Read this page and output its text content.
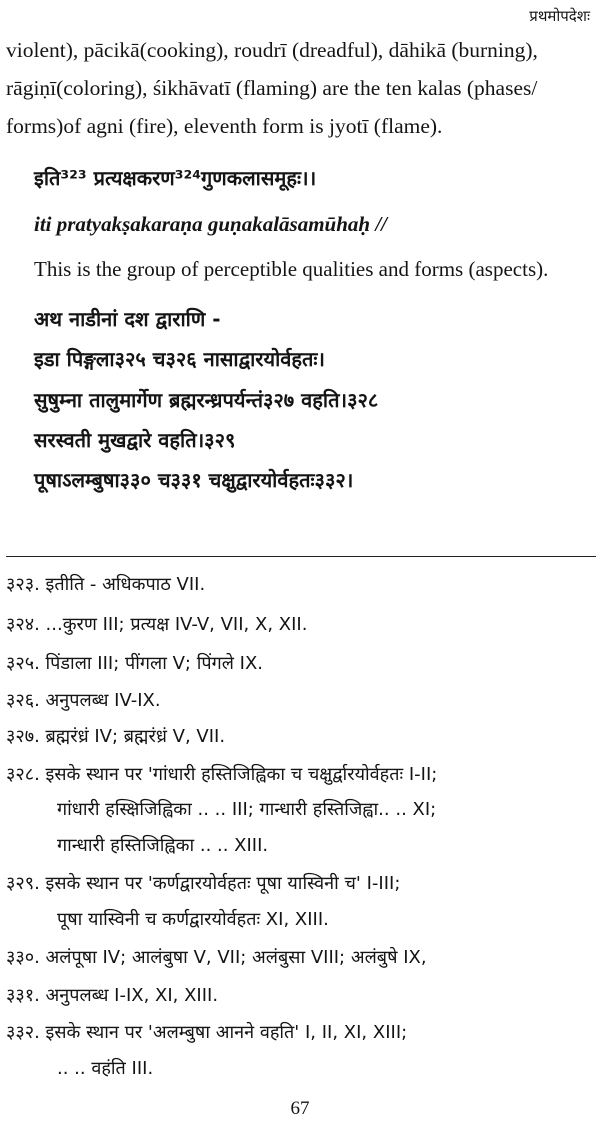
प्रथमोपदेशः
violent), pācikā(cooking), roudrī (dreadful), dāhikā (burning),
rāgiṇī(coloring), śikhāvatī (flaming) are the ten kalas (phases/
forms)of agni (fire), eleventh form is jyotī (flame).
इति³²³ प्रत्यक्षकरण³²⁴गुणकलासमूहः।।
iti pratyakṣakaraṇa guṇakalāsamūhaḥ //
This is the group of perceptible qualities and forms (aspects).
अथ नाडीनां दश द्वाराणि -
इडा पिङ्गला३२५ च३२६ नासाद्वारयोर्वहतः।
सुषुम्ना तालुमार्गेण ब्रह्मरन्ध्रपर्यन्तं३२७ वहति।३२८
सरस्वती मुखद्वारे वहति।३२९
पूषाऽलम्बुषा३३० च३३१ चक्षुद्वारयोर्वहतः३३२।
३२३. इतीति - अधिकपाठ VII.
३२४. ...कुरण III; प्रत्यक्ष IV-V, VII, X, XII.
३२५. पिंडाला III; पींगला V; पिंगले IX.
३२६. अनुपलब्ध IV-IX.
३२७. ब्रह्मरंध्रं IV; ब्रह्मरंध्रं V, VII.
३२८. इसके स्थान पर 'गांधारी हस्तिजिह्विका च चक्षुर्द्वारयोर्वहतः I-II;
गांधारी हस्क्षिजिह्विका .. .. III; गान्धारी हस्तिजिह्वा.. .. XI;
गान्धारी हस्तिजिह्विका .. .. XIII.
३२९. इसके स्थान पर 'कर्णद्वारयोर्वहतः पूषा यास्विनी च' I-III;
पूषा यास्विनी च कर्णद्वारयोर्वहतः XI, XIII.
३३०. अलंपूषा IV; आलंबुषा V, VII; अलंबुसा VIII; अलंबुषे IX,
३३१. अनुपलब्ध I-IX, XI, XIII.
३३२. इसके स्थान पर 'अलम्बुषा आनने वहति' I, II, XI, XIII;
.. .. वहंति III.
67
